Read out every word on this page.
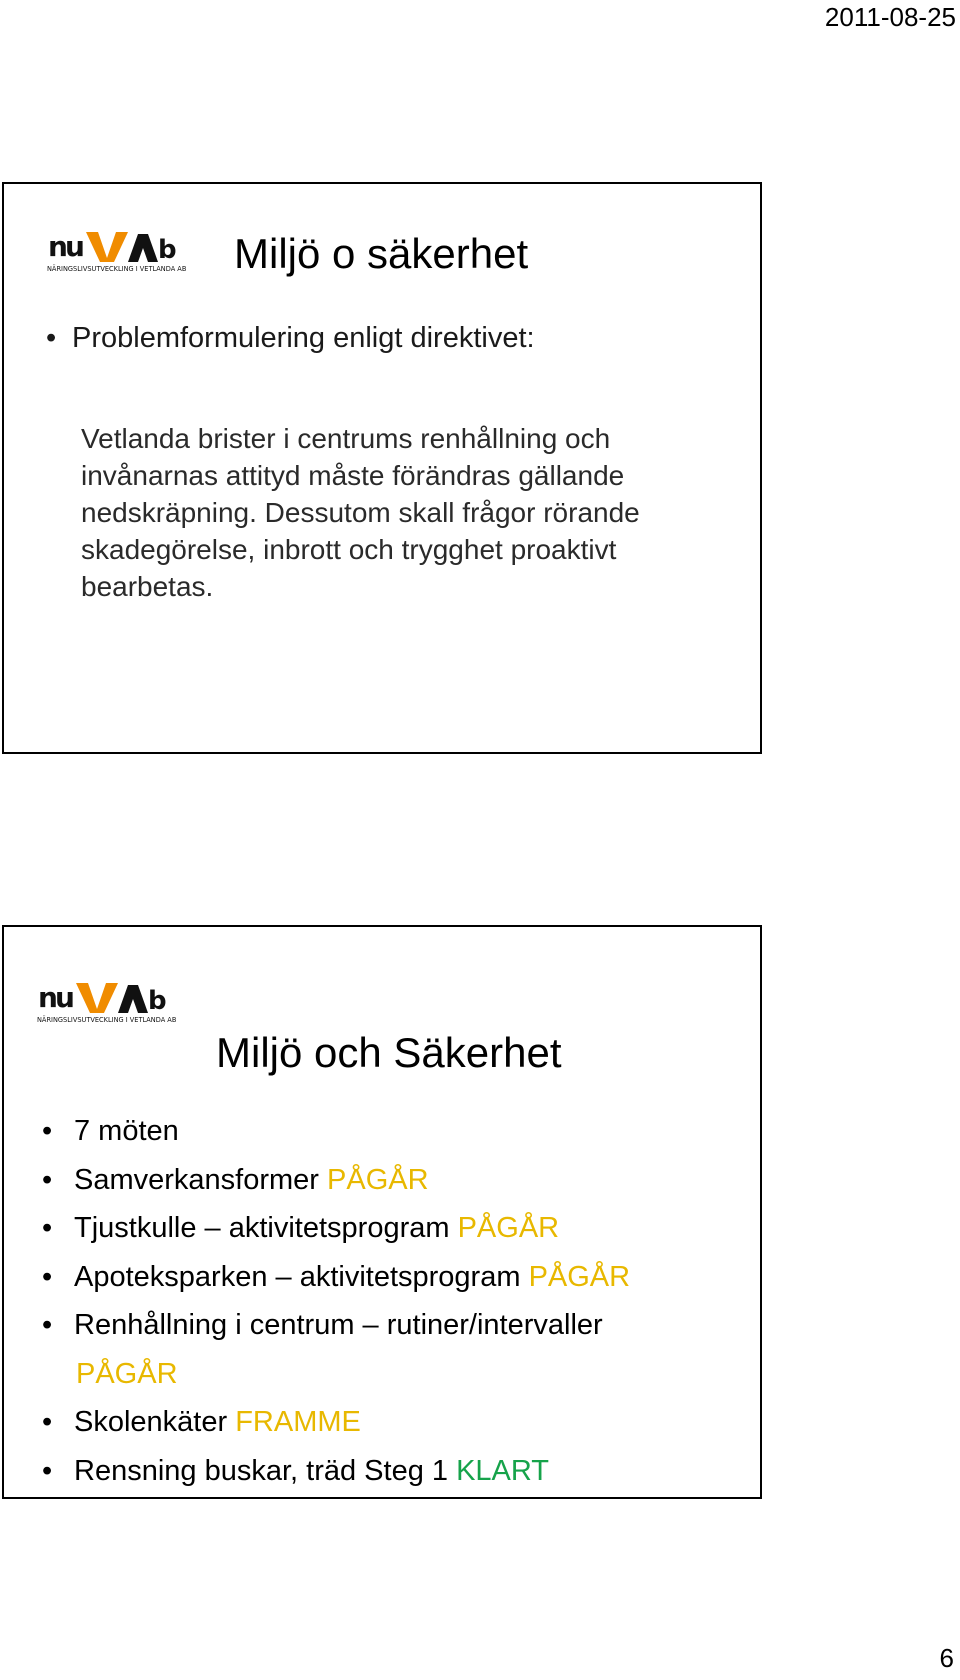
2011-08-25
n
u	b
NÄRINGSLIVSUTVECKLING I VETLANDA AB Miljö o säkerhet
• Problemformulering enligt direktivet:
Vetlanda brister i centrums renhållning och invånarnas attityd måste förändras gällande nedskräpning. Dessutom skall frågor rörande skadegörelse, inbrott och trygghet proaktivt bearbetas.
n
u	b
NÄRINGSLIVSUTVECKLING I VETLANDA AB
Miljö och Säkerhet
• 7 möten
• Samverkansformer PÅGÅR
• Tjustkulle – aktivitetsprogram PÅGÅR
• Apoteksparken – aktivitetsprogram PÅGÅR
• Renhållning i centrum – rutiner/intervaller
PÅGÅR
• Skolenkäter FRAMME
• Rensning buskar, träd Steg 1 KLART
6
